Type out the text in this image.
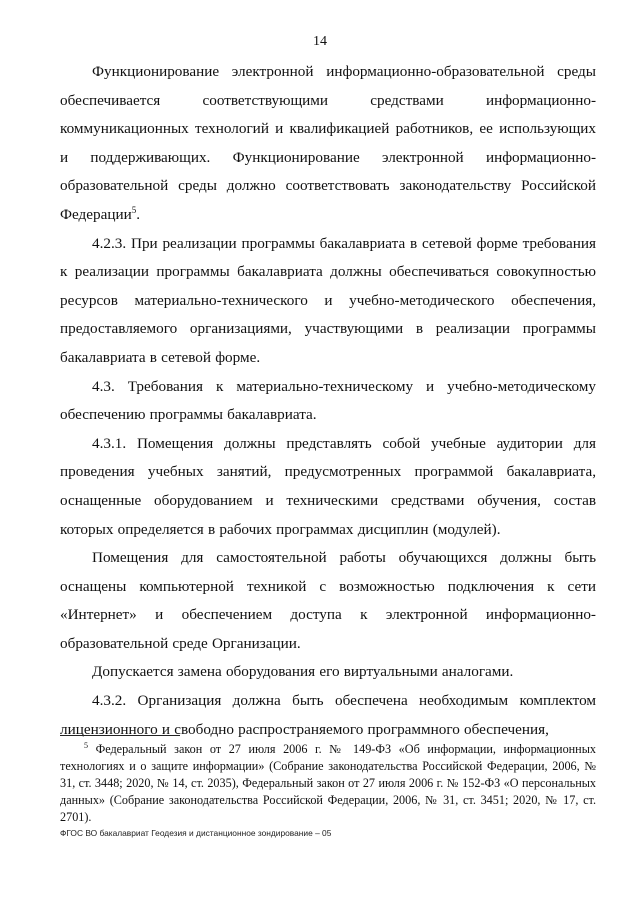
14

Функционирование электронной информационно-образовательной среды обеспечивается соответствующими средствами информационно-коммуникационных технологий и квалификацией работников, ее использующих и поддерживающих. Функционирование электронной информационно-образовательной среды должно соответствовать законодательству Российской Федерации$^5$.

4.2.3. При реализации программы бакалавриата в сетевой форме требования к реализации программы бакалавриата должны обеспечиваться совокупностью ресурсов материально-технического и учебно-методического обеспечения, предоставляемого организациями, участвующими в реализации программы бакалавриата в сетевой форме.

4.3. Требования к материально-техническому и учебно-методическому обеспечению программы бакалавриата.

4.3.1. Помещения должны представлять собой учебные аудитории для проведения учебных занятий, предусмотренных программой бакалавриата, оснащенные оборудованием и техническими средствами обучения, состав которых определяется в рабочих программах дисциплин (модулей).

Помещения для самостоятельной работы обучающихся должны быть оснащены компьютерной техникой с возможностью подключения к сети «Интернет» и обеспечением доступа к электронной информационно-образовательной среде Организации.

Допускается замена оборудования его виртуальными аналогами.

4.3.2. Организация должна быть обеспечена необходимым комплектом лицензионного и свободно распространяемого программного обеспечения,

$^5$ Федеральный закон от 27 июля 2006 г. № 149-ФЗ «Об информации, информационных технологиях и о защите информации» (Собрание законодательства Российской Федерации, 2006, № 31, ст. 3448; 2020, № 14, ст. 2035), Федеральный закон от 27 июля 2006 г. № 152-ФЗ «О персональных данных» (Собрание законодательства Российской Федерации, 2006, № 31, ст. 3451; 2020, № 17, ст. 2701).

ФГОС ВО бакалавриат Геодезия и дистанционное зондирование – 05
